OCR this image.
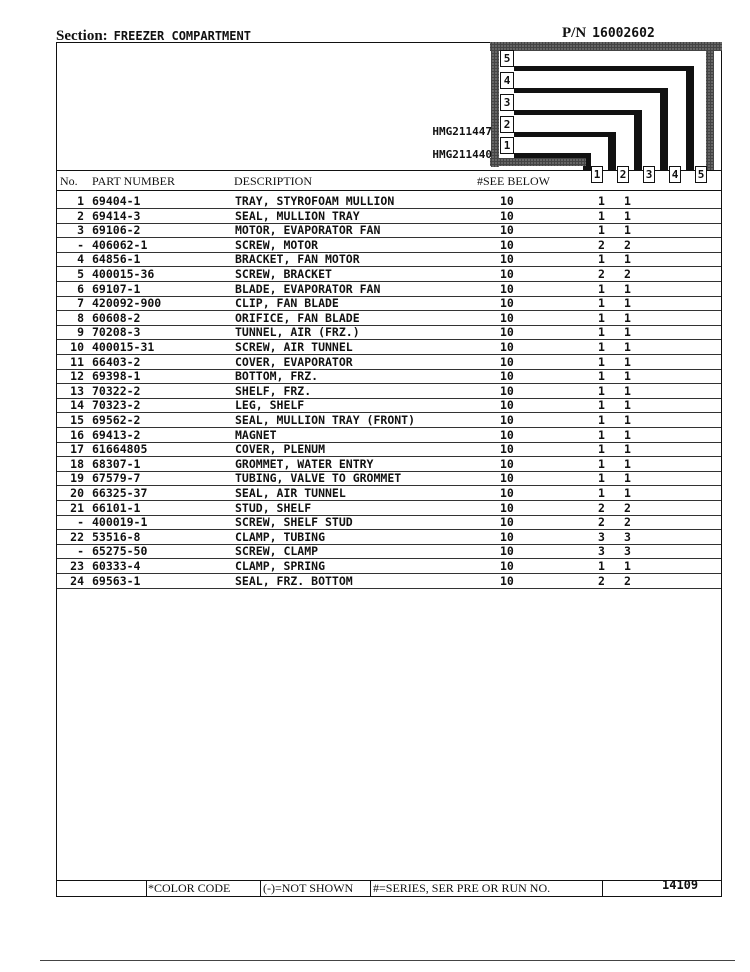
Section: FREEZER COMPARTMENT	P/N 16002602
5
4
3
2
1
HMG211447
HMG211440
No. PART NUMBER	DESCRIPTION	#SEE BELOW	1 2 3 4 5
1 69404-1	TRAY, STYROFOAM MULLION	10	1 1
2 69414-3	SEAL, MULLION TRAY	10	1 1
3 69106-2	MOTOR, EVAPORATOR FAN	10	1 1
- 406062-1	SCREW, MOTOR	10	2 2
4 64856-1	BRACKET, FAN MOTOR	10	1 1
5 400015-36	SCREW, BRACKET	10	2 2
6 69107-1	BLADE, EVAPORATOR FAN	10	1 1
7 420092-900	CLIP, FAN BLADE	10	1 1
8 60608-2	ORIFICE, FAN BLADE	10	1 1
9 70208-3	TUNNEL, AIR (FRZ.)	10	1 1
10 400015-31	SCREW, AIR TUNNEL	10	1 1
11 66403-2	COVER, EVAPORATOR	10	1 1
12 69398-1	BOTTOM, FRZ.	10	1 1
13 70322-2	SHELF, FRZ.	10	1 1
14 70323-2	LEG, SHELF	10	1 1
15 69562-2	SEAL, MULLION TRAY (FRONT)	10	1 1
16 69413-2	MAGNET	10	1 1
17 61664805	COVER, PLENUM	10	1 1
18 68307-1	GROMMET, WATER ENTRY	10	1 1
19 67579-7	TUBING, VALVE TO GROMMET	10	1 1
20 66325-37	SEAL, AIR TUNNEL	10	1 1
21 66101-1	STUD, SHELF	10	2 2
- 400019-1	SCREW, SHELF STUD	10	2 2
22 53516-8	CLAMP, TUBING	10	3 3
- 65275-50	SCREW, CLAMP	10	3 3
23 60333-4	CLAMP, SPRING	10	1 1
24 69563-1	SEAL, FRZ. BOTTOM	10	2 2
*COLOR CODE	(-)=NOT SHOWN #=SERIES, SER PRE OR RUN NO.	14109
